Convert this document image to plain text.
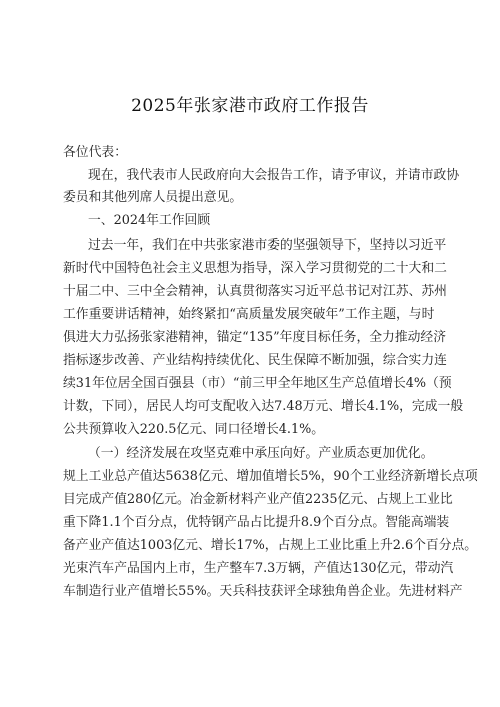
2025年张家港市政府工作报告
各位代表：
现在，我代表市人民政府向大会报告工作，请予审议，并请市政协
委员和其他列席人员提出意见。
一、2024年工作回顾
过去一年，我们在中共张家港市委的坚强领导下，坚持以习近平
新时代中国特色社会主义思想为指导，深入学习贯彻党的二十大和二
十届二中、三中全会精神，认真贯彻落实习近平总书记对江苏、苏州
工作重要讲话精神，始终紧扣“高质量发展突破年”工作主题，与时
俱进大力弘扬张家港精神，锚定“135”年度目标任务，全力推动经济
指标逐步改善、产业结构持续优化、民生保障不断加强，综合实力连
续31年位居全国百强县（市）“前三甲全年地区生产总值增长4%（预
计数，下同），居民人均可支配收入达7.48万元、增长4.1%，完成一般
公共预算收入220.5亿元、同口径增长4.1%。
（一）经济发展在攻坚克难中承压向好。产业质态更加优化。
规上工业总产值达5638亿元、增加值增长5%，90个工业经济新增长点项
目完成产值280亿元。冶金新材料产业产值2235亿元、占规上工业比
重下降1.1个百分点，优特钢产品占比提升8.9个百分点。智能高端装
备产业产值达1003亿元、增长17%，占规上工业比重上升2.6个百分点。
光束汽车产品国内上市，生产整车7.3万辆，产值达130亿元，带动汽
车制造行业产值增长55%。天兵科技获评全球独角兽企业。先进材料产
